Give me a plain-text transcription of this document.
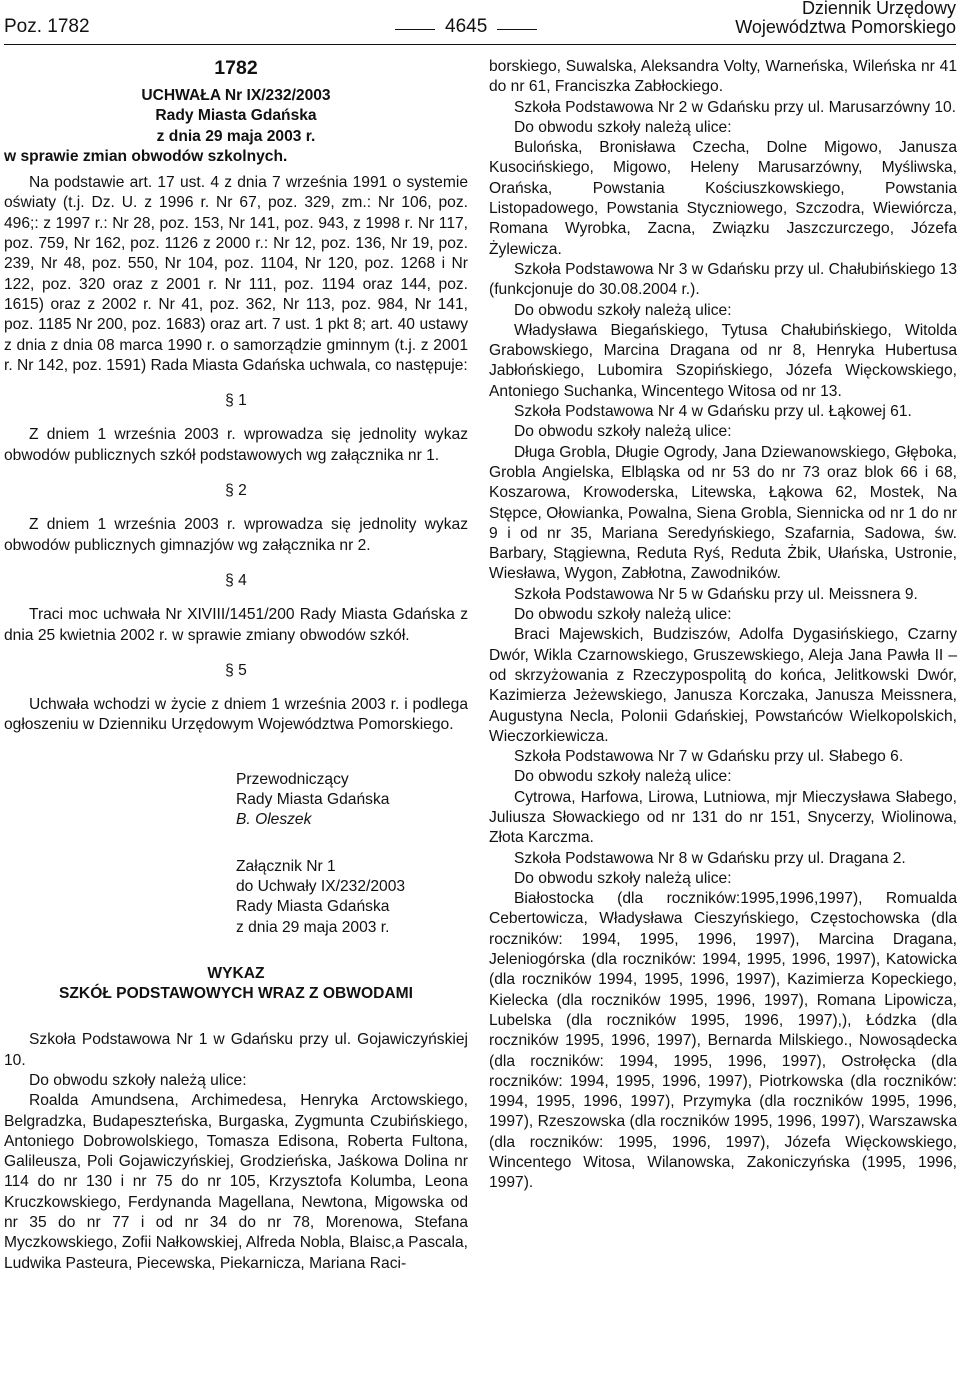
Poz. 1782	4645
Dziennik Urzędowy
Województwa Pomorskiego
1782
UCHWAŁA Nr IX/232/2003
Rady Miasta Gdańska
z dnia 29 maja 2003 r.
w sprawie zmian obwodów szkolnych.
Na podstawie art. 17 ust. 4 z dnia 7 września 1991 o systemie oświaty (t.j. Dz. U. z 1996 r. Nr 67, poz. 329, zm.: Nr 106, poz. 496;: z 1997 r.: Nr 28, poz. 153, Nr 141, poz. 943, z 1998 r. Nr 117, poz. 759, Nr 162, poz. 1126 z 2000 r.: Nr 12, poz. 136, Nr 19, poz. 239, Nr 48, poz. 550, Nr 104, poz. 1104, Nr 120, poz. 1268 i Nr 122, poz. 320 oraz z 2001 r. Nr 111, poz. 1194 oraz 144, poz. 1615) oraz z 2002 r. Nr 41, poz. 362, Nr 113, poz. 984, Nr 141, poz. 1185 Nr 200, poz. 1683) oraz art. 7 ust. 1 pkt 8; art. 40 ustawy z dnia z dnia 08 marca 1990 r. o samorządzie gminnym (t.j. z 2001 r. Nr 142, poz. 1591) Rada Miasta Gdańska uchwala, co następuje:
§ 1
Z dniem 1 września 2003 r. wprowadza się jednolity wykaz obwodów publicznych szkół podstawowych wg załącznika nr 1.
§ 2
Z dniem 1 września 2003 r. wprowadza się jednolity wykaz obwodów publicznych gimnazjów wg załącznika nr 2.
§ 4
Traci moc uchwała Nr XIVIII/1451/200 Rady Miasta Gdańska z dnia 25 kwietnia 2002 r. w sprawie zmiany obwodów szkół.
§ 5
Uchwała wchodzi w życie z dniem 1 września 2003 r. i podlega ogłoszeniu w Dzienniku Urzędowym Województwa Pomorskiego.
Przewodniczący
Rady Miasta Gdańska
B. Oleszek
Załącznik Nr 1
do Uchwały IX/232/2003
Rady Miasta Gdańska
z dnia 29 maja 2003 r.
WYKAZ
SZKÓŁ PODSTAWOWYCH WRAZ Z OBWODAMI
Szkoła Podstawowa Nr 1 w Gdańsku przy ul. Gojawiczyńskiej 10.
Do obwodu szkoły należą ulice:
Roalda Amundsena, Archimedesa, Henryka Arctowskiego, Belgradzka, Budapeszteńska, Burgaska, Zygmunta Czubińskiego, Antoniego Dobrowolskiego, Tomasza Edisona, Roberta Fultona, Galileusza, Poli Gojawiczyńskiej, Grodzieńska, Jaśkowa Dolina nr 114 do nr 130 i nr 75 do nr 105, Krzysztofa Kolumba, Leona Kruczkowskiego, Ferdynanda Magellana, Newtona, Migowska od nr 35 do nr 77 i od nr 34 do nr 78, Morenowa, Stefana Myczkowskiego, Zofii Nałkowskiej, Alfreda Nobla, Blaisc,a Pascala, Ludwika Pasteura, Piecewska, Piekarnicza, Mariana Raci-
borskiego, Suwalska, Aleksandra Volty, Warneńska, Wileńska nr 41 do nr 61, Franciszka Zabłockiego.
Szkoła Podstawowa Nr 2 w Gdańsku przy ul. Marusarzówny 10.
Do obwodu szkoły należą ulice:
Bulońska, Bronisława Czecha, Dolne Migowo, Janusza Kusocińskiego, Migowo, Heleny Marusarzówny, Myśliwska, Orańska, Powstania Kościuszkowskiego, Powstania Listopadowego, Powstania Styczniowego, Szczodra, Wiewiórcza, Romana Wyrobka, Zacna, Związku Jaszczurczego, Józefa Żylewicza.
Szkoła Podstawowa Nr 3 w Gdańsku przy ul. Chałubińskiego 13 (funkcjonuje do 30.08.2004 r.).
Do obwodu szkoły należą ulice:
Władysława Biegańskiego, Tytusa Chałubińskiego, Witolda Grabowskiego, Marcina Dragana od nr 8, Henryka Hubertusa Jabłońskiego, Lubomira Szopińskiego, Józefa Więckowskiego, Antoniego Suchanka, Wincentego Witosa od nr 13.
Szkoła Podstawowa Nr 4 w Gdańsku przy ul. Łąkowej 61.
Do obwodu szkoły należą ulice:
Długa Grobla, Długie Ogrody, Jana Dziewanowskiego, Głęboka, Grobla Angielska, Elbląska od nr 53 do nr 73 oraz blok 66 i 68, Koszarowa, Krowoderska, Litewska, Łąkowa 62, Mostek, Na Stępce, Ołowianka, Powalna, Siena Grobla, Siennicka od nr 1 do nr 9 i od nr 35, Mariana Seredyńskiego, Szafarnia, Sadowa, św. Barbary, Stągiewna, Reduta Ryś, Reduta Żbik, Ułańska, Ustronie, Wiesława, Wygon, Zabłotna, Zawodników.
Szkoła Podstawowa Nr 5 w Gdańsku przy ul. Meissnera 9.
Do obwodu szkoły należą ulice:
Braci Majewskich, Budziszów, Adolfa Dygasińskiego, Czarny Dwór, Wikla Czarnowskiego, Gruszewskiego, Aleja Jana Pawła II – od skrzyżowania z Rzeczypospolitą do końca, Jelitkowski Dwór, Kazimierza Jeżewskiego, Janusza Korczaka, Janusza Meissnera, Augustyna Necla, Polonii Gdańskiej, Powstańców Wielkopolskich, Wieczorkiewicza.
Szkoła Podstawowa Nr 7 w Gdańsku przy ul. Słabego 6.
Do obwodu szkoły należą ulice:
Cytrowa, Harfowa, Lirowa, Lutniowa, mjr Mieczysława Słabego, Juliusza Słowackiego od nr 131 do nr 151, Snycerzy, Wiolinowa, Złota Karczma.
Szkoła Podstawowa Nr 8 w Gdańsku przy ul. Dragana 2.
Do obwodu szkoły należą ulice:
Białostocka (dla roczników:1995,1996,1997), Romualda Cebertowicza, Władysława Cieszyńskiego, Częstochowska (dla roczników: 1994, 1995, 1996, 1997), Marcina Dragana, Jeleniogórska (dla roczników: 1994, 1995, 1996, 1997), Katowicka (dla roczników 1994, 1995, 1996, 1997), Kazimierza Kopeckiego, Kielecka (dla roczników 1995, 1996, 1997), Romana Lipowicza, Lubelska (dla roczników 1995, 1996, 1997),), Łódzka (dla roczników 1995, 1996, 1997), Bernarda Milskiego., Nowosądecka (dla roczników: 1994, 1995, 1996, 1997), Ostrołęcka (dla roczników: 1994, 1995, 1996, 1997), Piotrkowska (dla roczników: 1994, 1995, 1996, 1997), Przymyka (dla roczników 1995, 1996, 1997), Rzeszowska (dla roczników 1995, 1996, 1997), Warszawska (dla roczników: 1995, 1996, 1997), Józefa Więckowskiego, Wincentego Witosa, Wilanowska, Zakoniczyńska (1995, 1996, 1997).
